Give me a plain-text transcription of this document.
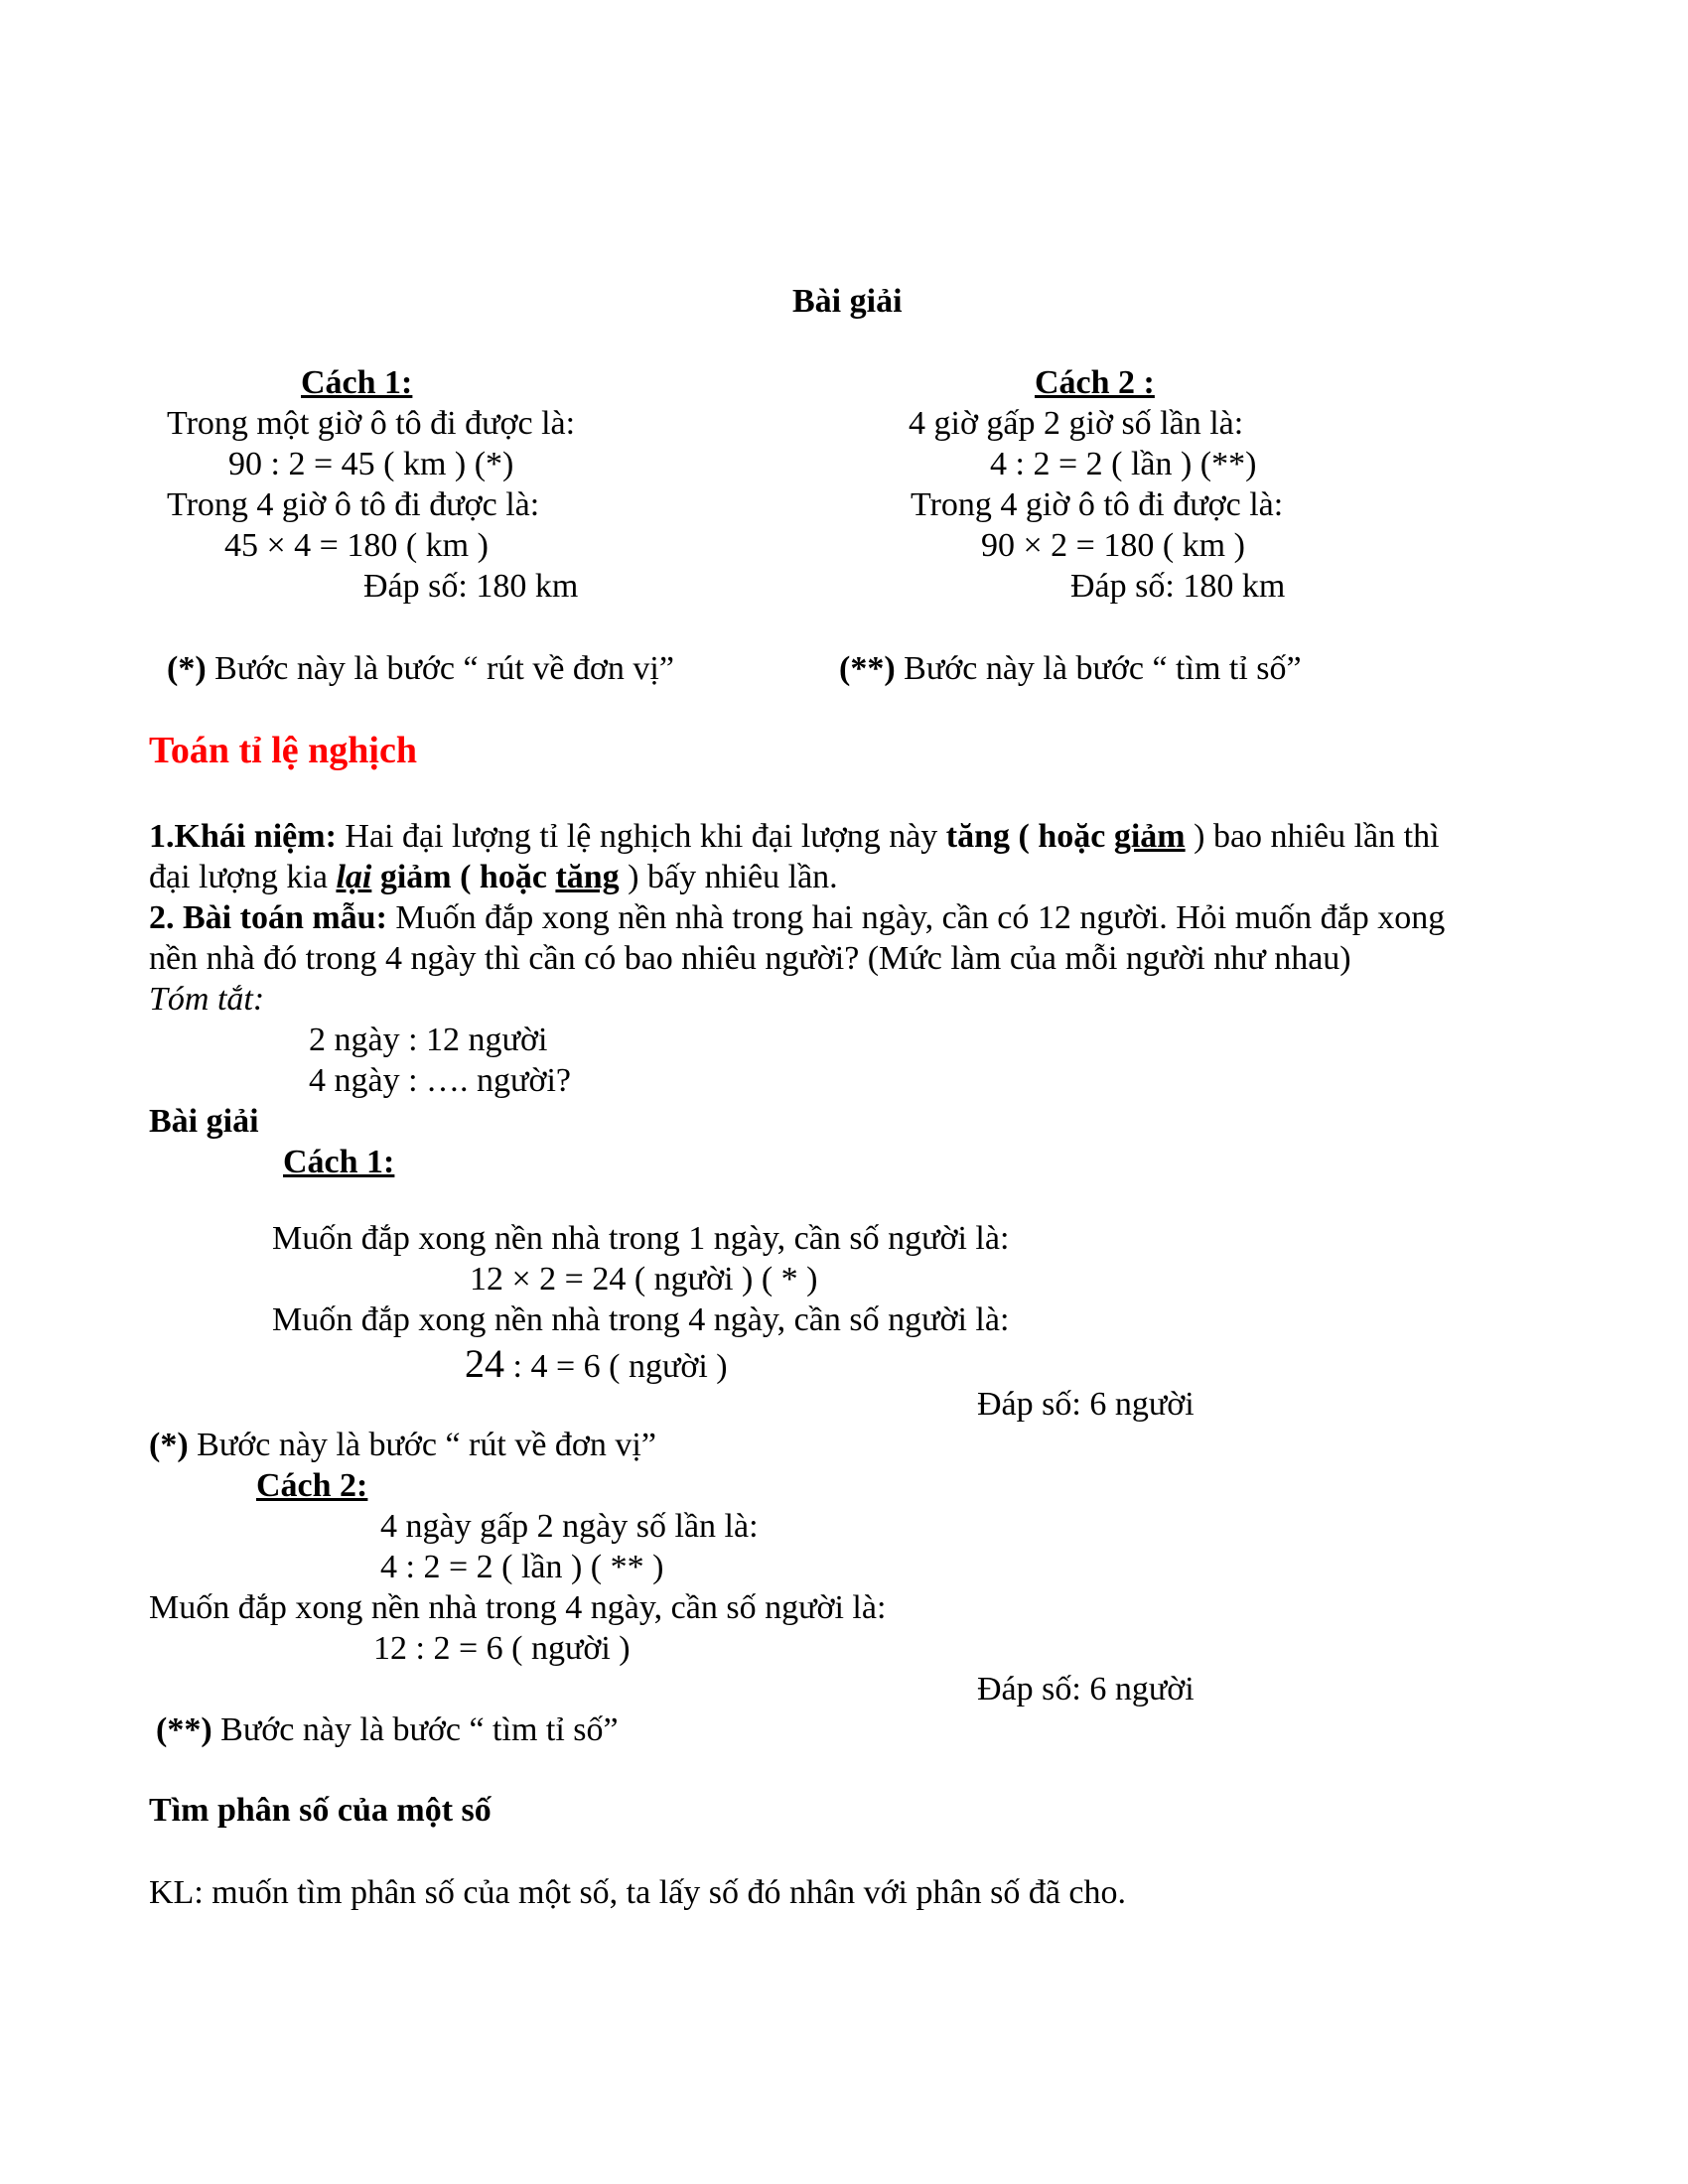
Bài giải
Cách 1:
Trong một giờ ô tô đi được là:
90 : 2 = 45 ( km ) (*)
Trong 4 giờ ô tô đi được là:
45 × 4 = 180 ( km )
Đáp số: 180 km
(*) Bước này là bước “ rút về đơn vị”
Cách 2 :
4 giờ gấp 2 giờ số lần là:
4 : 2 = 2 ( lần ) (**)
Trong 4 giờ ô tô đi được là:
90 × 2 = 180 ( km )
Đáp số: 180 km
(**) Bước này là bước “ tìm tỉ số”
Toán tỉ lệ nghịch
1.Khái niệm: Hai đại lượng tỉ lệ nghịch khi đại lượng này tăng ( hoặc giảm ) bao nhiêu lần thì
đại lượng kia lại giảm ( hoặc tăng ) bấy nhiêu lần.
2. Bài toán mẫu: Muốn đắp xong nền nhà trong hai ngày, cần có 12 người. Hỏi muốn đắp xong
nền nhà đó trong 4 ngày thì cần có bao nhiêu người? (Mức làm của mỗi người như nhau)
Tóm tắt:
2 ngày : 12 người
4 ngày : …. người?
Bài giải
Cách 1:
Muốn đắp xong nền nhà trong 1 ngày, cần số người là:
12 × 2 = 24 ( người ) ( * )
Muốn đắp xong nền nhà trong 4 ngày, cần số người là:
24 : 4 = 6 ( người )
Đáp số: 6 người
(*) Bước này là bước “ rút về đơn vị”
Cách 2:
4 ngày gấp 2 ngày số lần là:
4 : 2 = 2 ( lần ) ( ** )
Muốn đắp xong nền nhà trong 4 ngày, cần số người là:
12 : 2 = 6 ( người )
Đáp số: 6 người
(**) Bước này là bước “ tìm tỉ số”
Tìm phân số của một số
KL: muốn tìm phân số của một số, ta lấy số đó nhân với phân số đã cho.
